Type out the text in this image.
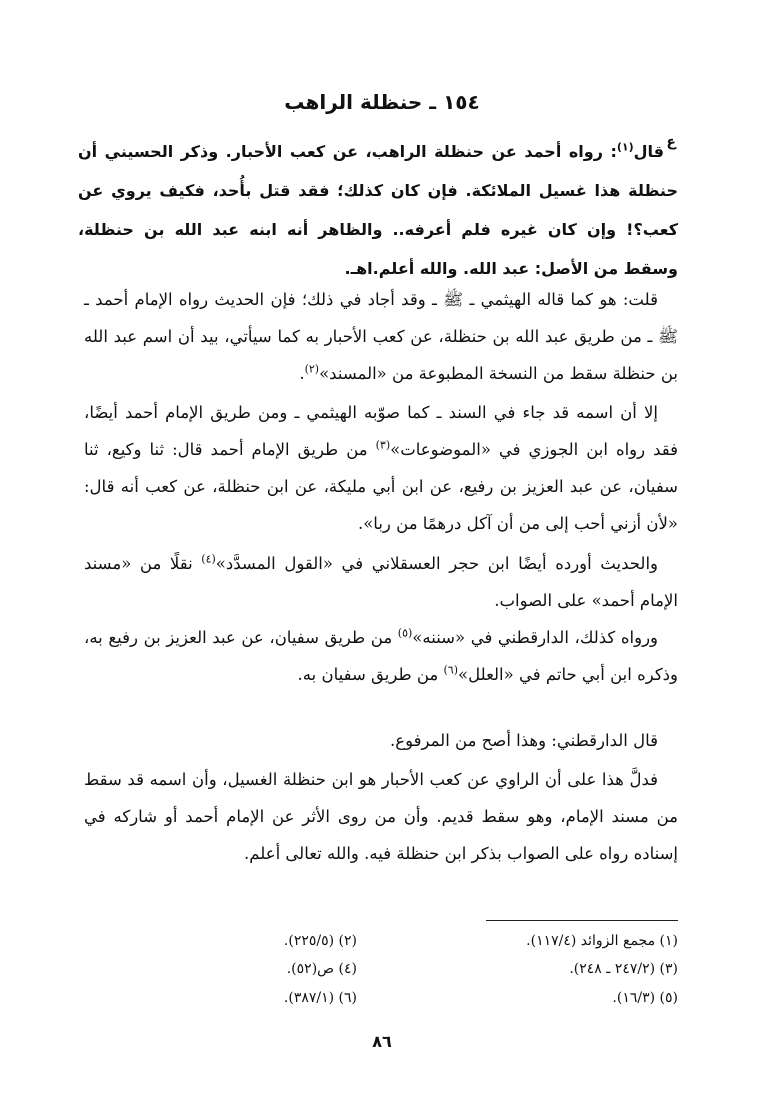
١٥٤ ـ حنظلة الراهب
ع
قال$^{(١)}$: رواه أحمد عن حنظلة الراهب، عن كعب الأحبار. وذكر الحسيني أن حنظلة هذا غسيل الملائكة. فإن كان كذلك؛ فقد قتل بأُحد، فكيف يروي عن كعب؟! وإن كان غيره فلم أعرفه.. والظاهر أنه ابنه عبد الله بن حنظلة، وسقط من الأصل: عبد الله. والله أعلم.اهـ.
قلت: هو كما قاله الهيثمي ـ ﷺ ـ وقد أجاد في ذلك؛ فإن الحديث رواه الإمام أحمد ـ ﷺ ـ من طريق عبد الله بن حنظلة، عن كعب الأحبار به كما سيأتي، بيد أن اسم عبد الله بن حنظلة سقط من النسخة المطبوعة من «المسند»$^{(٢)}$.
إلا أن اسمه قد جاء في السند ـ كما صوّبه الهيثمي ـ ومن طريق الإمام أحمد أيضًا، فقد رواه ابن الجوزي في «الموضوعات»$^{(٣)}$ من طريق الإمام أحمد قال: ثنا وكيع، ثنا سفيان، عن عبد العزيز بن رفيع، عن ابن أبي مليكة، عن ابن حنظلة، عن كعب أنه قال: «لأن أزني أحب إلى من أن آكل درهمًا من ربا».
والحديث أورده أيضًا ابن حجر العسقلاني في «القول المسدَّد»$^{(٤)}$ نقلًا من «مسند الإمام أحمد» على الصواب.
ورواه كذلك، الدارقطني في «سننه»$^{(٥)}$ من طريق سفيان، عن عبد العزيز بن رفيع به، وذكره ابن أبي حاتم في «العلل»$^{(٦)}$ من طريق سفيان به.
قال الدارقطني: وهذا أصح من المرفوع.
فدلَّ هذا على أن الراوي عن كعب الأحبار هو ابن حنظلة الغسيل، وأن اسمه قد سقط من مسند الإمام، وهو سقط قديم. وأن من روى الأثر عن الإمام أحمد أو شاركه في إسناده رواه على الصواب بذكر ابن حنظلة فيه. والله تعالى أعلم.
(١) مجمع الزوائد (١١٧/٤).
(٢) (٢٢٥/٥).
(٣) (٢٤٧/٢ ـ ٢٤٨).
(٤) ص(٥٢).
(٥) (١٦/٣).
(٦) (٣٨٧/١).
٨٦
